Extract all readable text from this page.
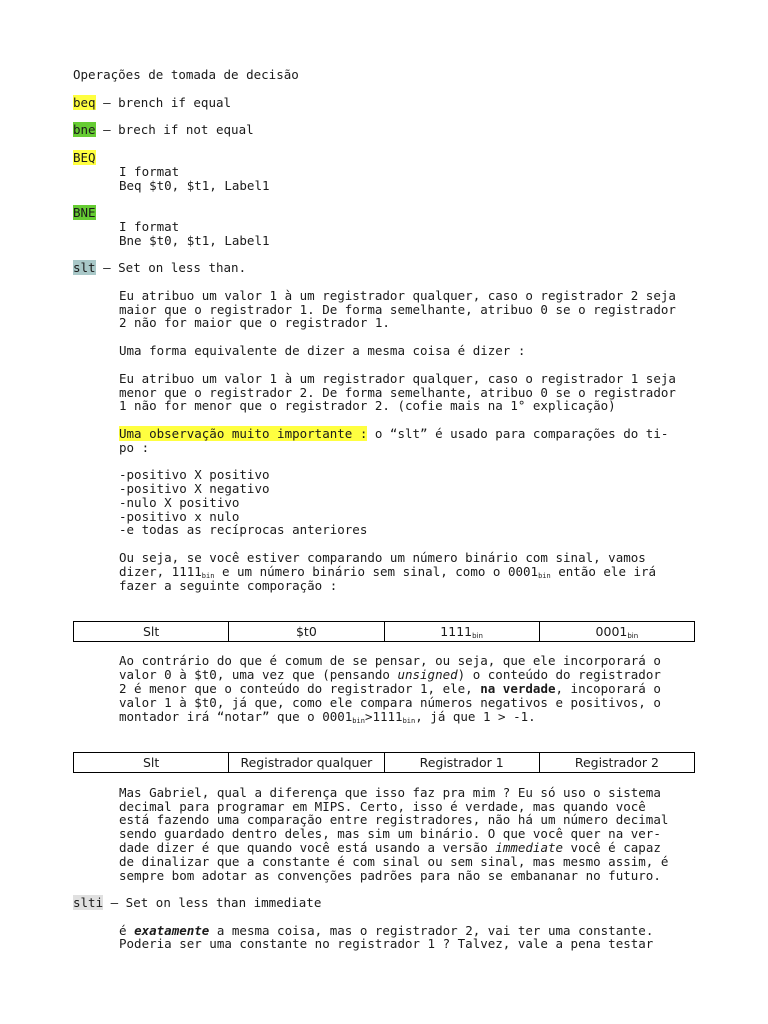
Operações de tomada de decisão
beq – brench if equal
bne – brech if not equal
BEQ
I format
Beq $t0, $t1, Label1
BNE
I format
Bne $t0, $t1, Label1
slt – Set on less than.
Eu atribuo um valor 1 à um registrador qualquer, caso o registrador 2 seja
maior que o registrador 1. De forma semelhante, atribuo 0 se o registrador
2 não for maior que o registrador 1.
Uma forma equivalente de dizer a mesma coisa é dizer :
Eu atribuo um valor 1 à um registrador qualquer, caso o registrador 1 seja
menor que o registrador 2. De forma semelhante, atribuo 0 se o registrador
1 não for menor que o registrador 2. (cofie mais na 1° explicação)
Uma observação muito importante : o “slt” é usado para comparações do ti-
po :
-positivo X positivo
-positivo X negativo
-nulo X positivo
-positivo x nulo
-e todas as recíprocas anteriores
Ou seja, se você estiver comparando um número binário com sinal, vamos
dizer, $1111_{bin}$ e um número binário sem sinal, como o $0001_{bin}$ então ele irá
fazer a seguinte comporação :
Slt	$t0	$1111_{bin}$	$0001_{bin}$
Ao contrário do que é comum de se pensar, ou seja, que ele incorporará o
valor 0 à $t0, uma vez que (pensando unsigned) o conteúdo do registrador
2 é menor que o conteúdo do registrador 1, ele, na verdade, incoporará o
valor 1 à $t0, já que, como ele compara números negativos e positivos, o
montador irá “notar” que o $0001_{bin}>1111_{bin}$, já que 1 > -1.
Slt	Registrador qualquer	Registrador 1	Registrador 2
Mas Gabriel, qual a diferença que isso faz pra mim ? Eu só uso o sistema
decimal para programar em MIPS. Certo, isso é verdade, mas quando você
está fazendo uma comparação entre registradores, não há um número decimal
sendo guardado dentro deles, mas sim um binário. O que você quer na ver-
dade dizer é que quando você está usando a versão immediate você é capaz
de dinalizar que a constante é com sinal ou sem sinal, mas mesmo assim, é
sempre bom adotar as convenções padrões para não se embananar no futuro.
slti – Set on less than immediate
é exatamente a mesma coisa, mas o registrador 2, vai ter uma constante.
Poderia ser uma constante no registrador 1 ? Talvez, vale a pena testar
